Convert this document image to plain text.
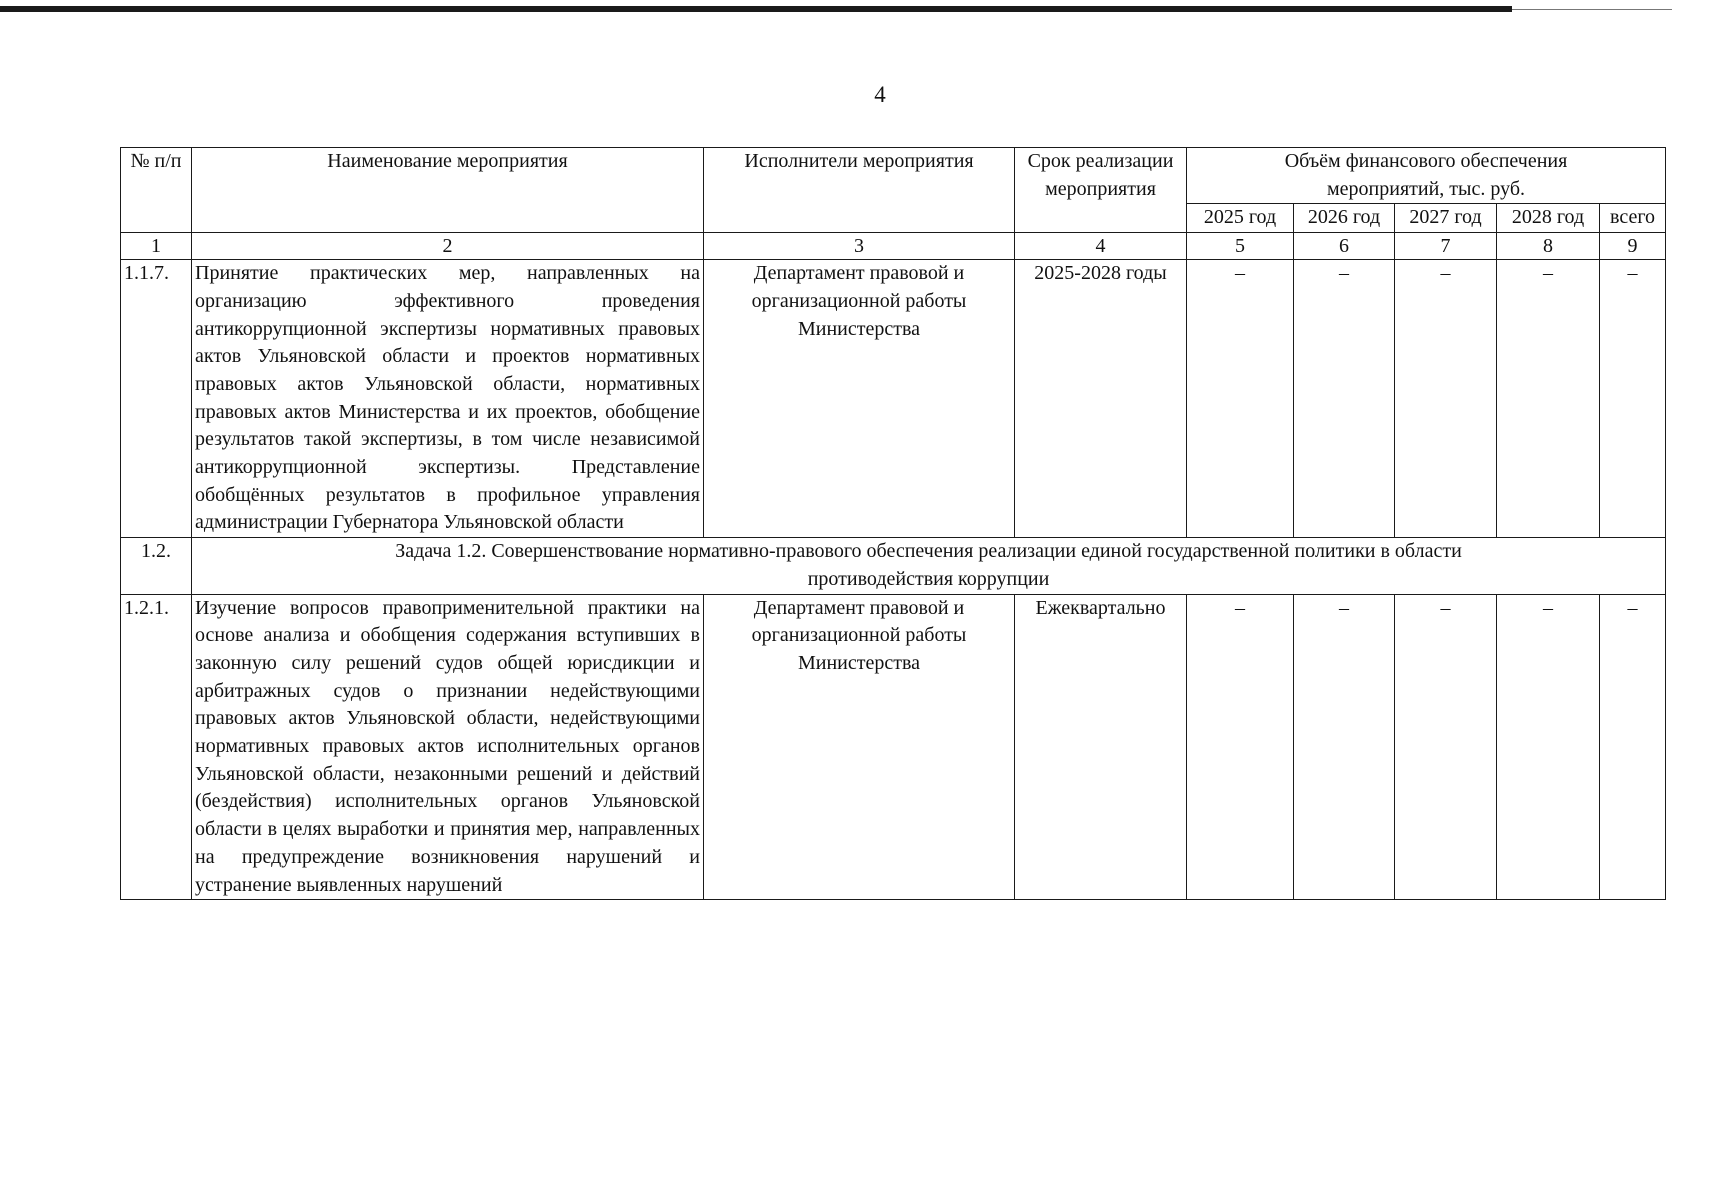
4
№ п/п	Наименование мероприятия	Исполнители мероприятия	Срок реализации мероприятия	Объём финансового обеспечения мероприятий, тыс. руб.				
				2025 год	2026 год	2027 год	2028 год	всего
1	2	3	4	5	6	7	8	9
1.1.7.	Принятие практических мер, направленных на организацию эффективного проведения антикоррупционной экспертизы нормативных правовых актов Ульяновской области и проектов нормативных правовых актов Ульяновской области, нормативных правовых актов Министерства и их проектов, обобщение результатов такой экспертизы, в том числе независимой антикоррупционной экспертизы. Представление обобщённых результатов в профильное управления администрации Губернатора Ульяновской области	Департамент правовой и организационной работы Министерства	2025-2028 годы	–	–	–	–	–
1.2.	Задача 1.2. Совершенствование нормативно-правового обеспечения реализации единой государственной политики в области противодействия коррупции							
1.2.1.	Изучение вопросов правоприменительной практики на основе анализа и обобщения содержания вступивших в законную силу решений судов общей юрисдикции и арбитражных судов о признании недействующими правовых актов Ульяновской области, недействующими нормативных правовых актов исполнительных органов Ульяновской области, незаконными решений и действий (бездействия) исполнительных органов Ульяновской области в целях выработки и принятия мер, направленных на предупреждение возникновения нарушений и устранение выявленных нарушений	Департамент правовой и организационной работы Министерства	Ежеквартально	–	–	–	–	–
